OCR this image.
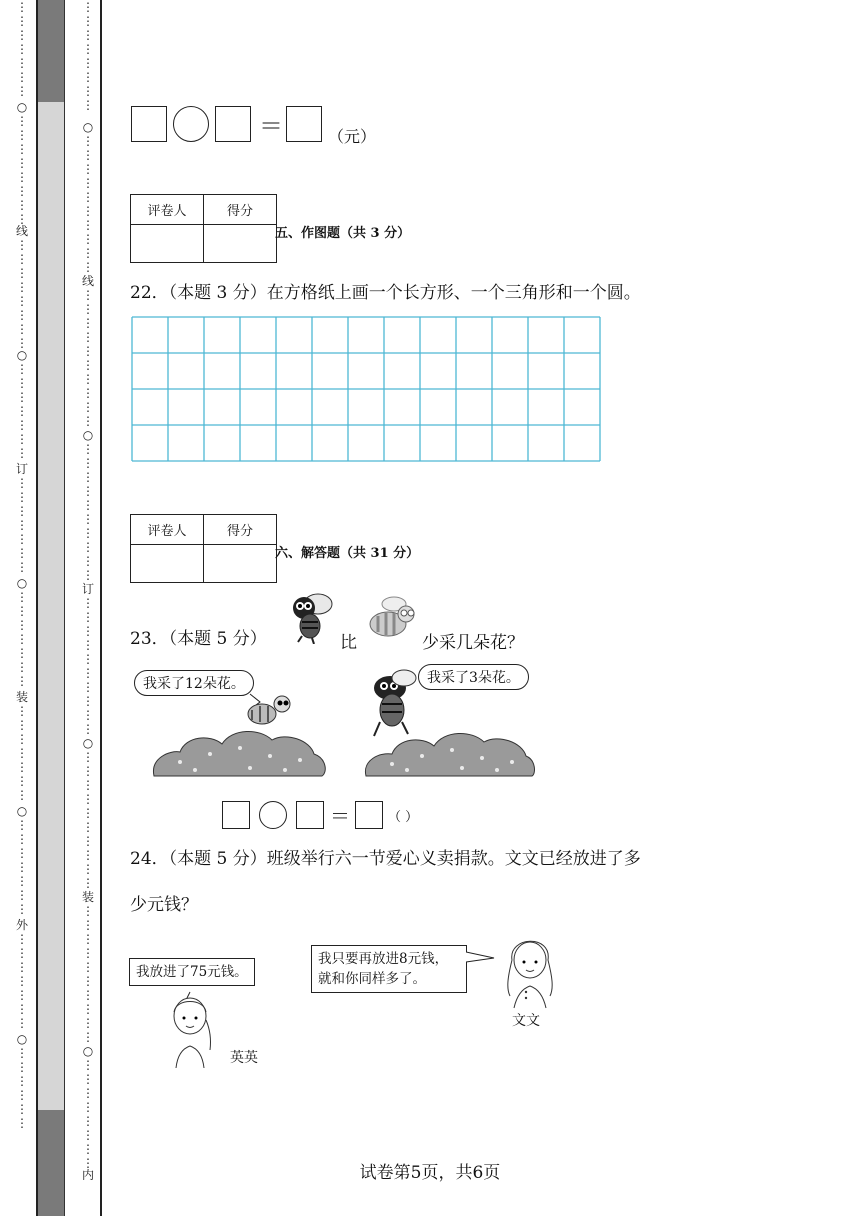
⋮
⋮
⋮
⋮
⋮
⋮
⋮
○
⋮
⋮
⋮
⋮
⋮
⋮
⋮
⋮
线
⋮
⋮
⋮
⋮
⋮
⋮
⋮
⋮
○
⋮
⋮
⋮
⋮
⋮
⋮
⋮
订
⋮
⋮
⋮
⋮
⋮
⋮
⋮
○
⋮
⋮
⋮
⋮
⋮
⋮
⋮
装
⋮
⋮
⋮
⋮
⋮
⋮
⋮
○
⋮
⋮
⋮
⋮
⋮
⋮
⋮
外
⋮
⋮
⋮
⋮
⋮
⋮
⋮
○
⋮
⋮
⋮
⋮
⋮
⋮
⋮
⋮
⋮
⋮
⋮
⋮
⋮
⋮
○
⋮
⋮
⋮
⋮
⋮
⋮
⋮
⋮
⋮
⋮
线
⋮
⋮
⋮
⋮
⋮
⋮
⋮
⋮
⋮
⋮
○
⋮
⋮
⋮
⋮
⋮
⋮
⋮
⋮
⋮
⋮
订
⋮
⋮
⋮
⋮
⋮
⋮
⋮
⋮
⋮
⋮
○
⋮
⋮
⋮
⋮
⋮
⋮
⋮
⋮
⋮
⋮
装
⋮
⋮
⋮
⋮
⋮
⋮
⋮
⋮
⋮
⋮
○
⋮
⋮
⋮
⋮
⋮
⋮
⋮
⋮
内
＝	（元）
评卷人	得分

五、作图题（共 3 分）
22．（本题 3 分）在方格纸上画一个长方形、一个三角形和一个圆。
评卷人	得分

六、解答题（共 31 分）
23．（本题 5 分）	比	少采几朵花？
我采了12朵花。	我采了3朵花。
＝	（ ）
24．（本题 5 分）班级举行六一节爱心义卖捐款。文文已经放进了多
少元钱？
我放进了75元钱。
英英
我只要再放进8元钱，
就和你同样多了。
文文
试卷第5页，共6页
